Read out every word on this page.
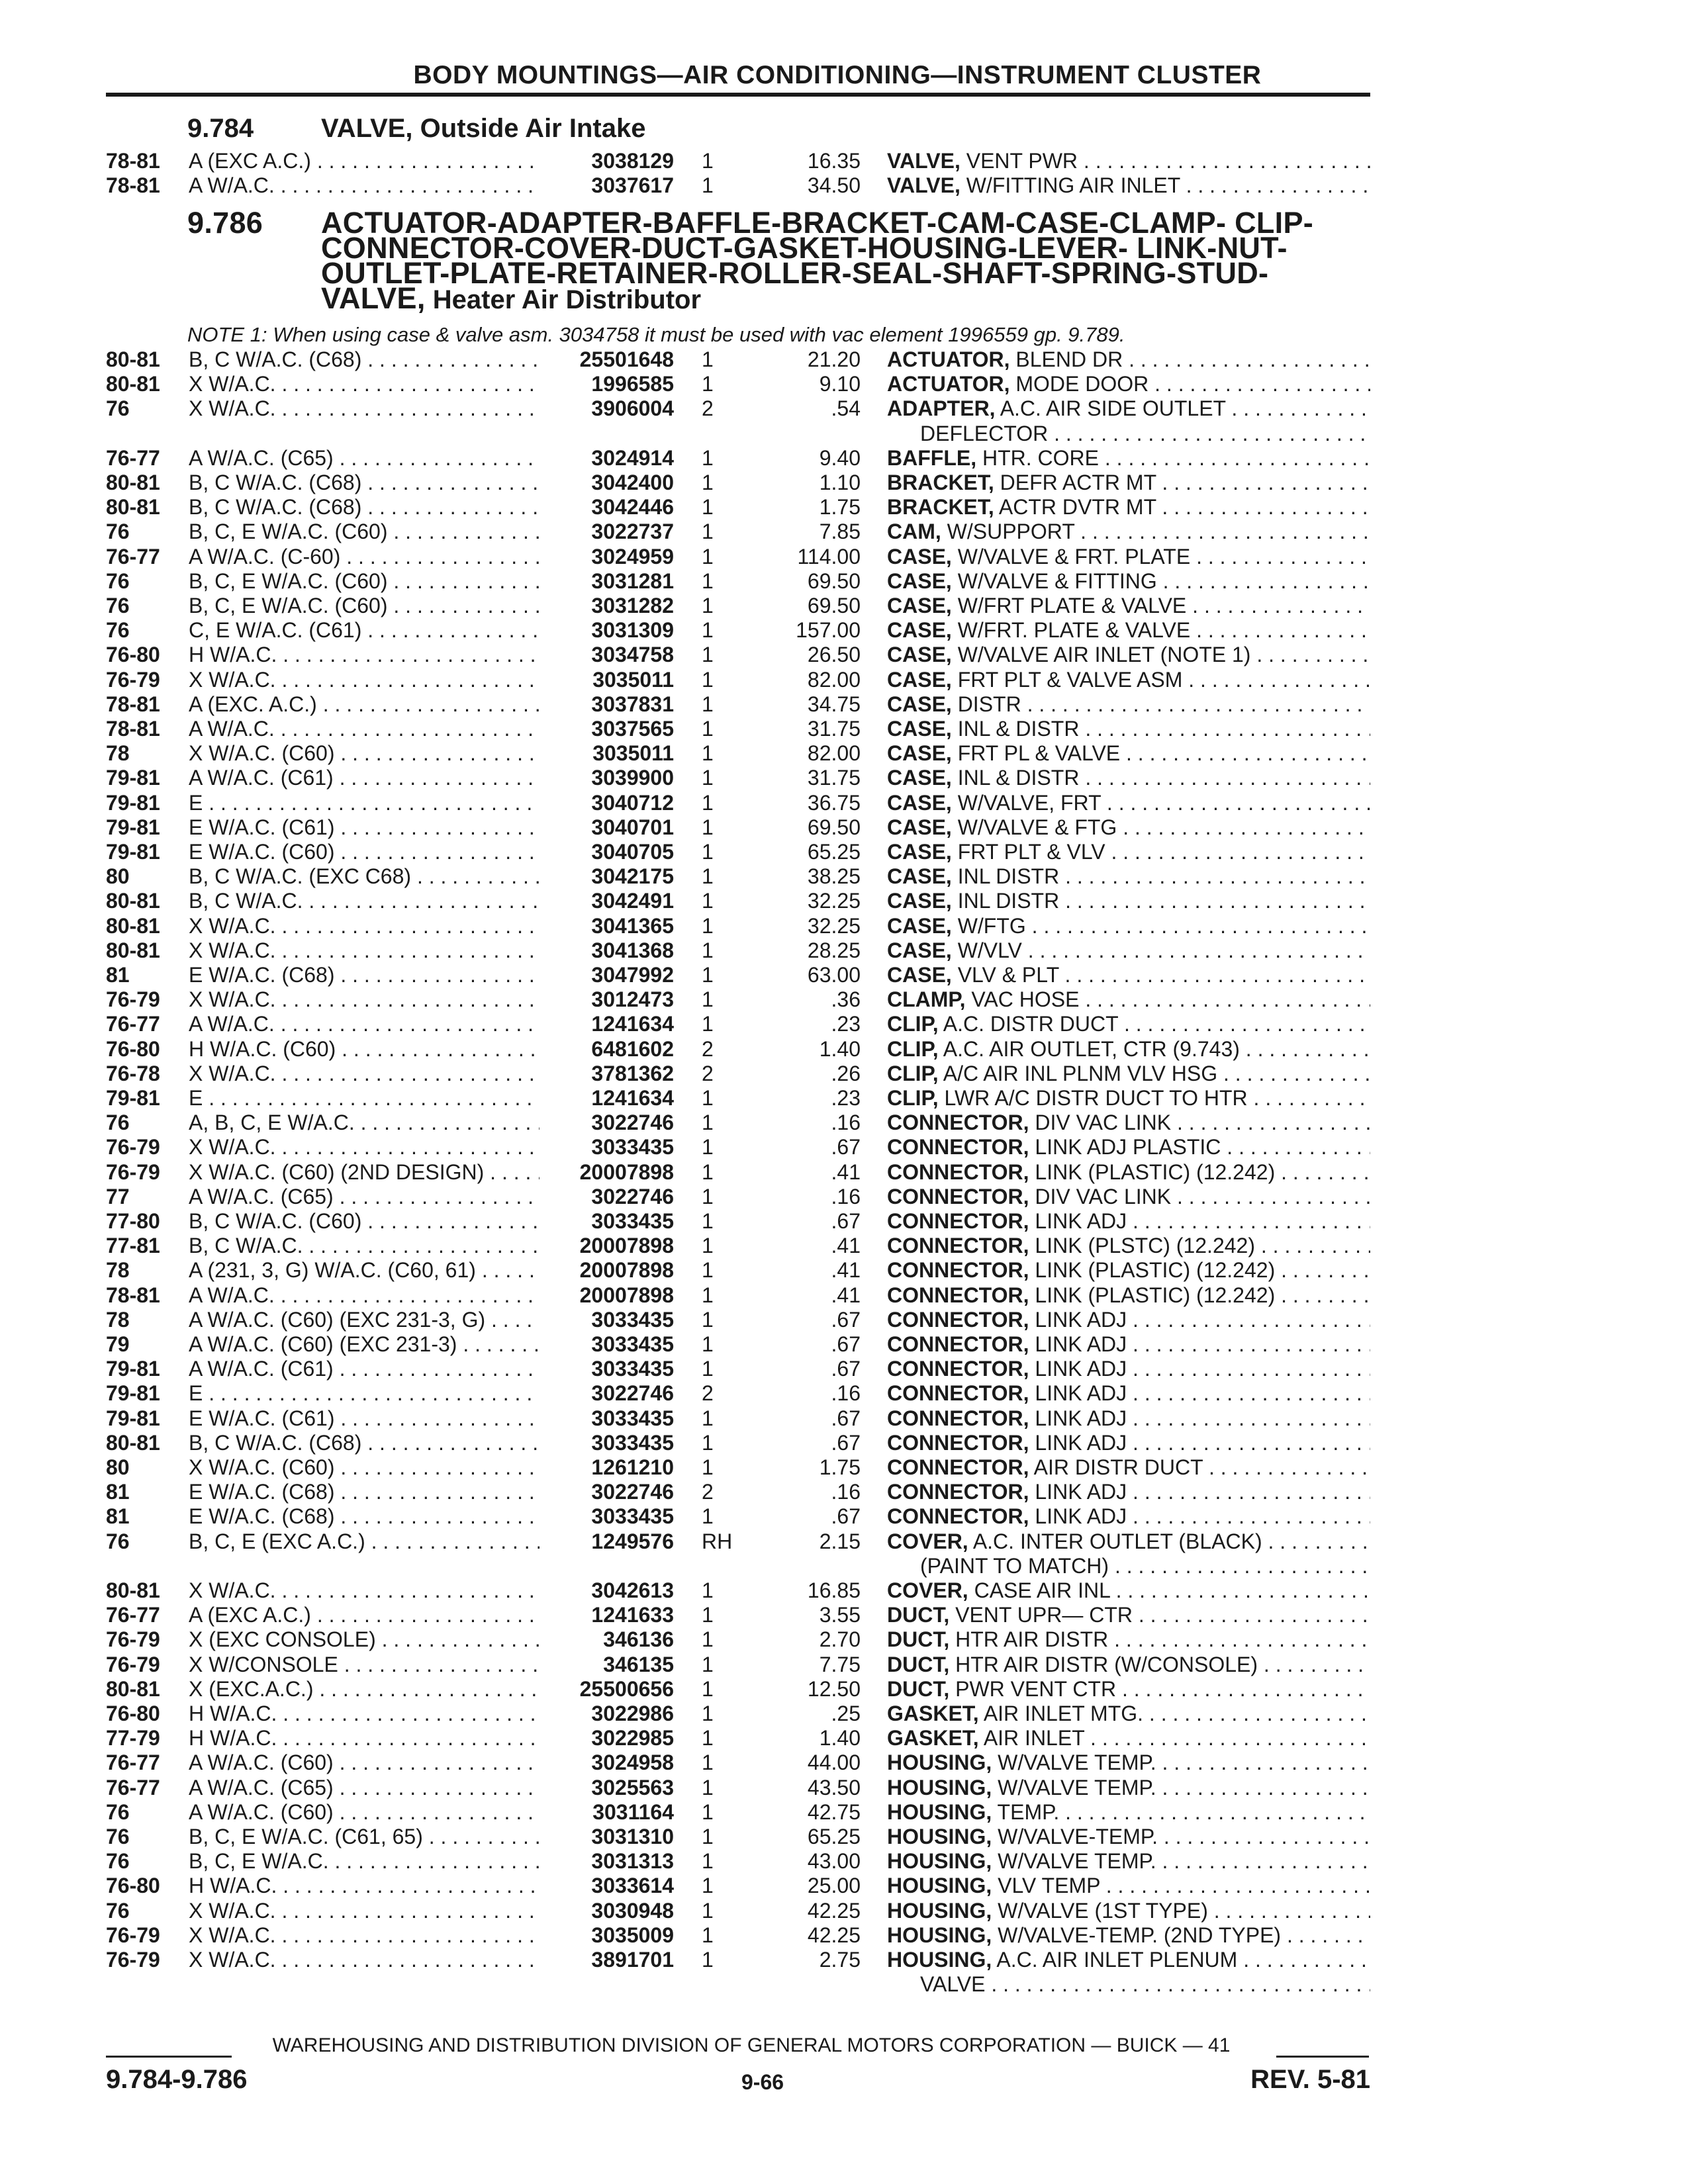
BODY MOUNTINGS—AIR CONDITIONING—INSTRUMENT CLUSTER
9.784	VALVE, Outside Air Intake
9.786 ACTUATOR-ADAPTER-BAFFLE-BRACKET-CAM-CASE-CLAMP- CLIP-
CONNECTOR-COVER-DUCT-GASKET-HOUSING-LEVER- LINK-NUT-
OUTLET-PLATE-RETAINER-ROLLER-SEAL-SHAFT-SPRING-STUD-
VALVE, Heater Air Distributor
NOTE 1: When using case & valve asm. 3034758 it must be used with vac element 1996559 gp. 9.789.
78-81 A (EXC A.C.) . . .	3038129 1	16.35 VALVE, VENT PWR . . .
78-81 A W/A.C. . . .	3037617 1	34.50 VALVE, W/FITTING AIR INLET . . .
80-81 B, C W/A.C. (C68) . . .	25501648 1	21.20 ACTUATOR, BLEND DR . . .
80-81 X W/A.C. . . .	1996585 1	9.10 ACTUATOR, MODE DOOR . . .
76	X W/A.C. . . .	3906004 2	.54 ADAPTER, A.C. AIR SIDE OUTLET . . .
DEFLECTOR . . .
76-77 A W/A.C. (C65) . . .	3024914 1	9.40 BAFFLE, HTR. CORE . . .
80-81 B, C W/A.C. (C68) . . .	3042400 1	1.10 BRACKET, DEFR ACTR MT . . .
80-81 B, C W/A.C. (C68) . . .	3042446 1	1.75 BRACKET, ACTR DVTR MT . . .
76	B, C, E W/A.C. (C60) . . .	3022737 1	7.85 CAM, W/SUPPORT . . .
76-77 A W/A.C. (C-60) . . .	3024959 1	114.00 CASE, W/VALVE & FRT. PLATE . . .
76	B, C, E W/A.C. (C60) . . .	3031281 1	69.50 CASE, W/VALVE & FITTING . . .
76	B, C, E W/A.C. (C60) . . .	3031282 1	69.50 CASE, W/FRT PLATE & VALVE . . .
76	C, E W/A.C. (C61) . . .	3031309 1	157.00 CASE, W/FRT. PLATE & VALVE . . .
76-80 H W/A.C. . . .	3034758 1	26.50 CASE, W/VALVE AIR INLET (NOTE 1) . . .
76-79 X W/A.C. . . .	3035011 1	82.00 CASE, FRT PLT & VALVE ASM . . .
78-81 A (EXC. A.C.) . . .	3037831 1	34.75 CASE, DISTR . . .
78-81 A W/A.C. . . .	3037565 1	31.75 CASE, INL & DISTR . . .
78	X W/A.C. (C60) . . .	3035011 1	82.00 CASE, FRT PL & VALVE . . .
79-81 A W/A.C. (C61) . . .	3039900 1	31.75 CASE, INL & DISTR . . .
79-81 E . . .	3040712 1	36.75 CASE, W/VALVE, FRT . . .
79-81 E W/A.C. (C61) . . .	3040701 1	69.50 CASE, W/VALVE & FTG . . .
79-81 E W/A.C. (C60) . . .	3040705 1	65.25 CASE, FRT PLT & VLV . . .
80	B, C W/A.C. (EXC C68) . . .	3042175 1	38.25 CASE, INL DISTR . . .
80-81 B, C W/A.C. . . .	3042491 1	32.25 CASE, INL DISTR . . .
80-81 X W/A.C. . . .	3041365 1	32.25 CASE, W/FTG . . .
80-81 X W/A.C. . . .	3041368 1	28.25 CASE, W/VLV . . .
81	E W/A.C. (C68) . . .	3047992 1	63.00 CASE, VLV & PLT . . .
76-79 X W/A.C. . . .	3012473 1	.36 CLAMP, VAC HOSE . . .
76-77 A W/A.C. . . .	1241634 1	.23 CLIP, A.C. DISTR DUCT . . .
76-80 H W/A.C. (C60) . . .	6481602 2	1.40 CLIP, A.C. AIR OUTLET, CTR (9.743) . . .
76-78 X W/A.C. . . .	3781362 2	.26 CLIP, A/C AIR INL PLNM VLV HSG . . .
79-81 E . . .	1241634 1	.23 CLIP, LWR A/C DISTR DUCT TO HTR . . .
76	A, B, C, E W/A.C. . . .	3022746 1	.16 CONNECTOR, DIV VAC LINK . . .
76-79 X W/A.C. . . .	3033435 1	.67 CONNECTOR, LINK ADJ PLASTIC . . .
76-79 X W/A.C. (C60) (2ND DESIGN) . . .	20007898 1	.41 CONNECTOR, LINK (PLASTIC) (12.242) . . .
77	A W/A.C. (C65) . . .	3022746 1	.16 CONNECTOR, DIV VAC LINK . . .
77-80 B, C W/A.C. (C60) . . .	3033435 1	.67 CONNECTOR, LINK ADJ . . .
77-81 B, C W/A.C. . . .	20007898 1	.41 CONNECTOR, LINK (PLSTC) (12.242) . . .
78	A (231, 3, G) W/A.C. (C60, 61) . . .	20007898 1	.41 CONNECTOR, LINK (PLASTIC) (12.242) . . .
78-81 A W/A.C. . . .	20007898 1	.41 CONNECTOR, LINK (PLASTIC) (12.242) . . .
78	A W/A.C. (C60) (EXC 231-3, G) . . .	3033435 1	.67 CONNECTOR, LINK ADJ . . .
79	A W/A.C. (C60) (EXC 231-3) . . .	3033435 1	.67 CONNECTOR, LINK ADJ . . .
79-81 A W/A.C. (C61) . . .	3033435 1	.67 CONNECTOR, LINK ADJ . . .
79-81 E . . .	3022746 2	.16 CONNECTOR, LINK ADJ . . .
79-81 E W/A.C. (C61) . . .	3033435 1	.67 CONNECTOR, LINK ADJ . . .
80-81 B, C W/A.C. (C68) . . .	3033435 1	.67 CONNECTOR, LINK ADJ . . .
80	X W/A.C. (C60) . . .	1261210 1	1.75 CONNECTOR, AIR DISTR DUCT . . .
81	E W/A.C. (C68) . . .	3022746 2	.16 CONNECTOR, LINK ADJ . . .
81	E W/A.C. (C68) . . .	3033435 1	.67 CONNECTOR, LINK ADJ . . .
76	B, C, E (EXC A.C.) . . .	1249576 RH	2.15 COVER, A.C. INTER OUTLET (BLACK) . . .
(PAINT TO MATCH) . . .
80-81 X W/A.C. . . .	3042613 1	16.85 COVER, CASE AIR INL . . .
76-77 A (EXC A.C.) . . .	1241633 1	3.55 DUCT, VENT UPR— CTR . . .
76-79 X (EXC CONSOLE) . . .	346136 1	2.70 DUCT, HTR AIR DISTR . . .
76-79 X W/CONSOLE . . .	346135 1	7.75 DUCT, HTR AIR DISTR (W/CONSOLE) . . .
80-81 X (EXC.A.C.) . . .	25500656 1	12.50 DUCT, PWR VENT CTR . . .
76-80 H W/A.C. . . .	3022986 1	.25 GASKET, AIR INLET MTG. . . .
77-79 H W/A.C. . . .	3022985 1	1.40 GASKET, AIR INLET . . .
76-77 A W/A.C. (C60) . . .	3024958 1	44.00 HOUSING, W/VALVE TEMP. . . .
76-77 A W/A.C. (C65) . . .	3025563 1	43.50 HOUSING, W/VALVE TEMP. . . .
76	A W/A.C. (C60) . . .	3031164 1	42.75 HOUSING, TEMP. . . .
76	B, C, E W/A.C. (C61, 65) . . .	3031310 1	65.25 HOUSING, W/VALVE-TEMP. . . .
76	B, C, E W/A.C. . . .	3031313 1	43.00 HOUSING, W/VALVE TEMP. . . .
76-80 H W/A.C. . . .	3033614 1	25.00 HOUSING, VLV TEMP . . .
76	X W/A.C. . . .	3030948 1	42.25 HOUSING, W/VALVE (1ST TYPE) . . .
76-79 X W/A.C. . . .	3035009 1	42.25 HOUSING, W/VALVE-TEMP. (2ND TYPE) . . .
76-79 X W/A.C. . . .	3891701 1	2.75 HOUSING, A.C. AIR INLET PLENUM . . .
VALVE . . .
WAREHOUSING AND DISTRIBUTION DIVISION OF GENERAL MOTORS CORPORATION — BUICK — 41
9.784-9.786	9-66	REV. 5-81
